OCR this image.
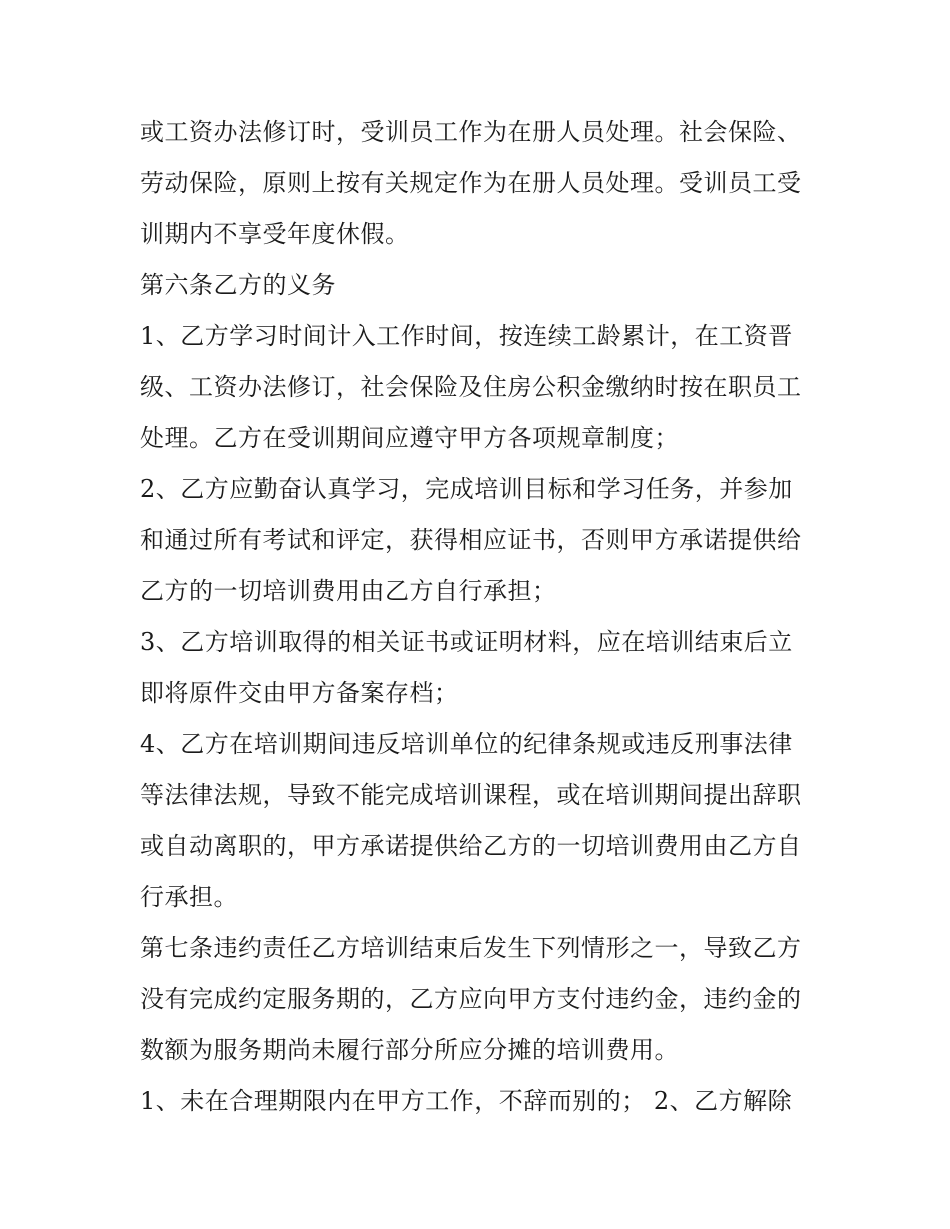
或工资办法修订时，受训员工作为在册人员处理。社会保险、
劳动保险，原则上按有关规定作为在册人员处理。受训员工受
训期内不享受年度休假。
第六条乙方的义务
1、乙方学习时间计入工作时间，按连续工龄累计，在工资晋
级、工资办法修订，社会保险及住房公积金缴纳时按在职员工
处理。乙方在受训期间应遵守甲方各项规章制度；
2、乙方应勤奋认真学习，完成培训目标和学习任务，并参加
和通过所有考试和评定，获得相应证书，否则甲方承诺提供给
乙方的一切培训费用由乙方自行承担；
3、乙方培训取得的相关证书或证明材料，应在培训结束后立
即将原件交由甲方备案存档；
4、乙方在培训期间违反培训单位的纪律条规或违反刑事法律
等法律法规，导致不能完成培训课程，或在培训期间提出辞职
或自动离职的，甲方承诺提供给乙方的一切培训费用由乙方自
行承担。
第七条违约责任乙方培训结束后发生下列情形之一，导致乙方
没有完成约定服务期的，乙方应向甲方支付违约金，违约金的
数额为服务期尚未履行部分所应分摊的培训费用。
1、未在合理期限内在甲方工作，不辞而别的； 2、乙方解除
